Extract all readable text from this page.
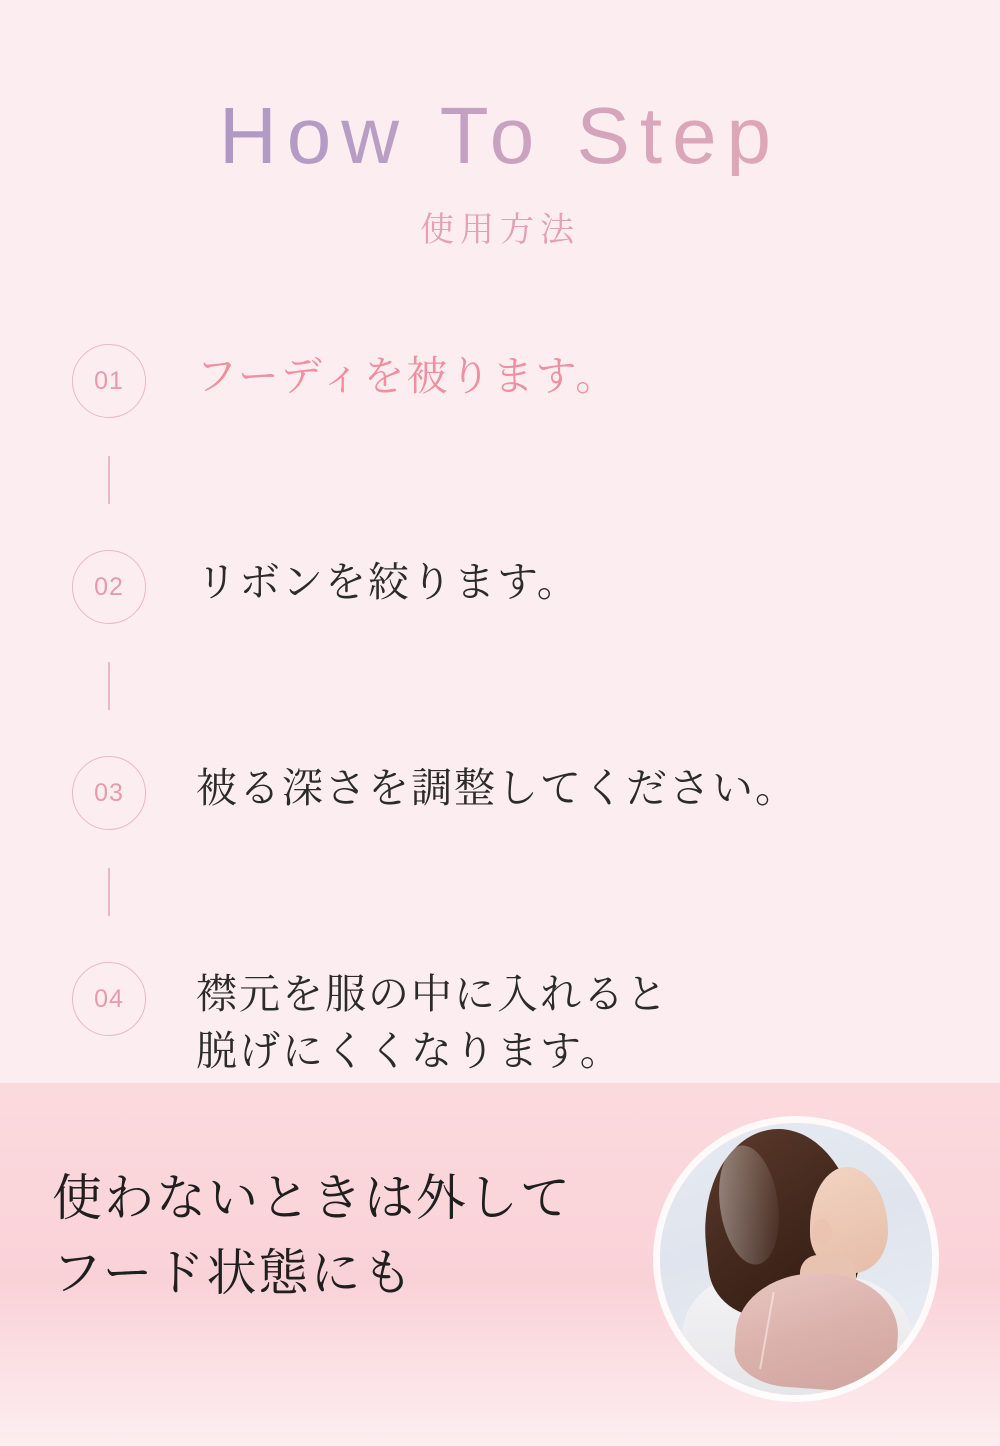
How To Step
使用方法
01	フーディを被ります。
02	リボンを絞ります。
03	被る深さを調整してください。
04	襟元を服の中に入れると
脱げにくくなります。
使わないときは外して
フード状態にも
